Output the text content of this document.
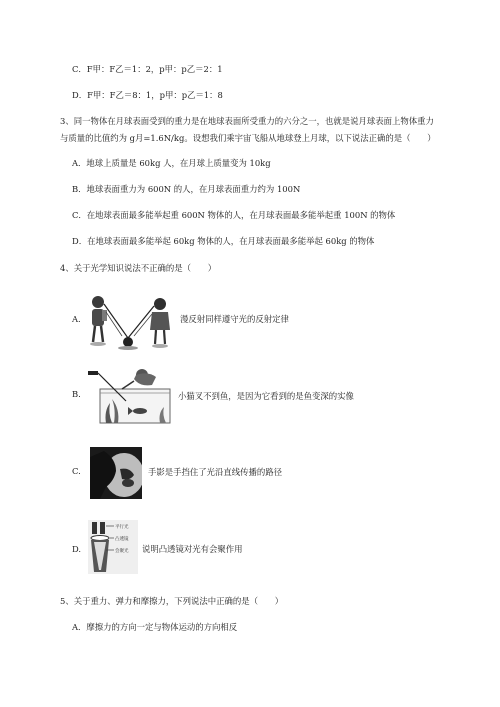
C．F甲：F乙＝1：2，p甲：p乙＝2：1
D．F甲：F乙＝8：1，p甲：p乙＝1：8
3、同一物体在月球表面受到的重力是在地球表面所受重力的六分之一，也就是说月球表面上物体重力
与质量的比值约为 g月=1.6N/kg。设想我们乘宇宙飞船从地球登上月球，以下说法正确的是（　　）
A．地球上质量是 60kg 人，在月球上质量变为 10kg
B．地球表面重力为 600N 的人，在月球表面重力约为 100N
C．在地球表面最多能举起重 600N 物体的人，在月球表面最多能举起重 100N 的物体
D．在地球表面最多能举起 60kg 物体的人，在月球表面最多能举起 60kg 的物体
4、关于光学知识说法不正确的是（　　）
A.	漫反射同样遵守光的反射定律
B.	小猫叉不到鱼，是因为它看到的是鱼变深的实像
C.	手影是手挡住了光沿直线传播的路径
D.
平行光
凸透镜
会聚光 说明凸透镜对光有会聚作用
5、关于重力、弹力和摩擦力，下列说法中正确的是（　　）
A．摩擦力的方向一定与物体运动的方向相反
